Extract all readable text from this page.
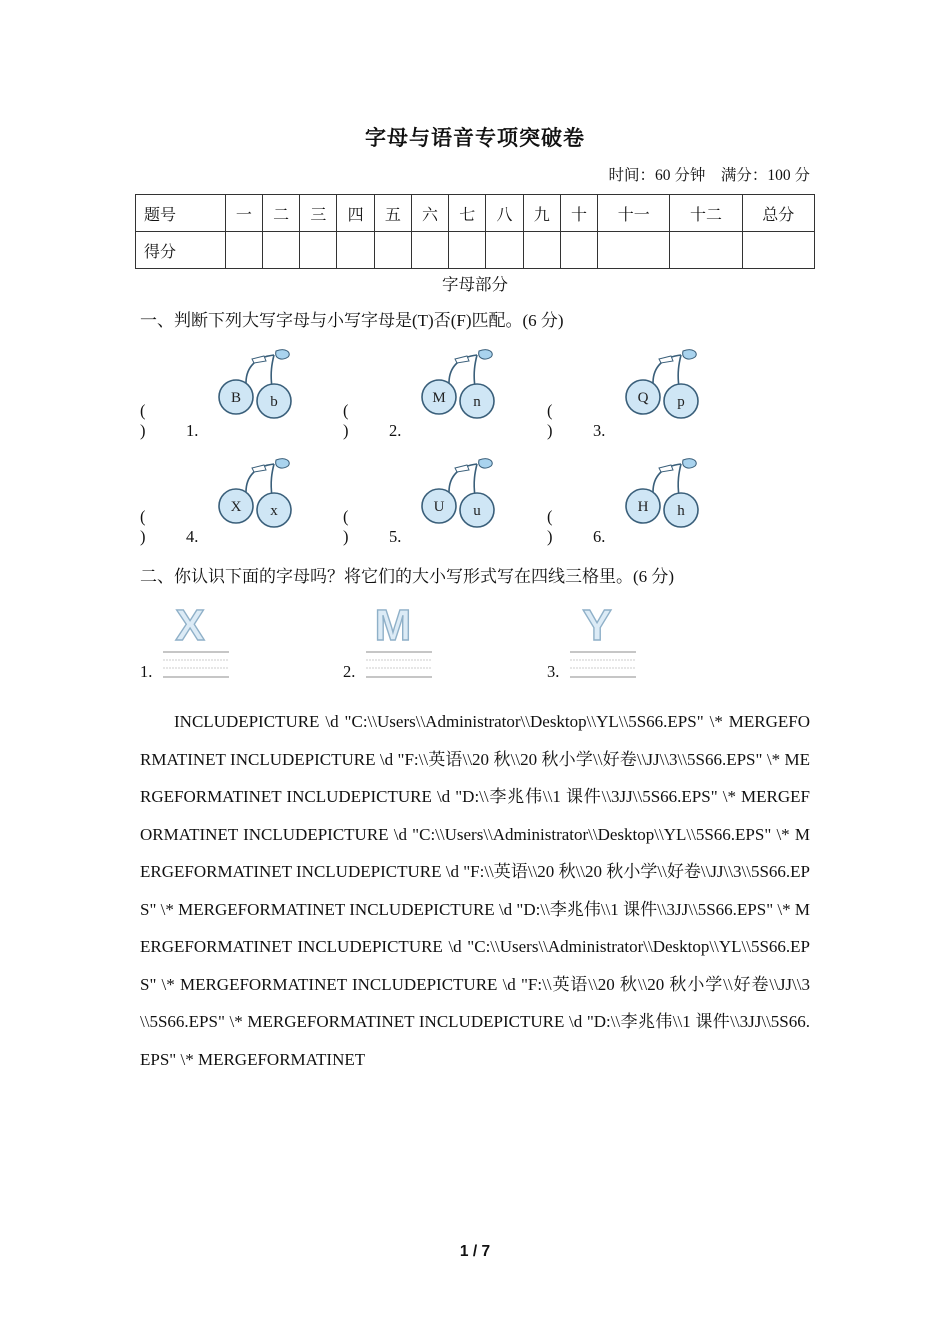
字母与语音专项突破卷
时间：60 分钟　满分：100 分
题号	一	二	三	四	五	六	七	八	九	十	十一	十二	总分
得分													
字母部分
一、判断下列大写字母与小写字母是(T)否(F)匹配。(6 分)
() 1.
B b	() 2.
M n	() 3.
Q p
() 4.
X x	() 5.
U u	() 6.
H h
二、你认识下面的字母吗？将它们的大小写形式写在四线三格里。(6 分)
1.
X
2.
M
3.
Y
INCLUDEPICTURE \d "C:\\Users\\Administrator\\Desktop\\YL\\5S66.EPS" \* MERGEFORMATINET INCLUDEPICTURE \d "F:\\英语\\20 秋\\20 秋小学\\好卷\\JJ\\3\\5S66.EPS" \* MERGEFORMATINET INCLUDEPICTURE \d "D:\\李兆伟\\1 课件\\3JJ\\5S66.EPS" \* MERGEFORMATINET INCLUDEPICTURE \d "C:\\Users\\Administrator\\Desktop\\YL\\5S66.EPS" \* MERGEFORMATINET INCLUDEPICTURE \d "F:\\英语\\20 秋\\20 秋小学\\好卷\\JJ\\3\\5S66.EPS" \* MERGEFORMATINET INCLUDEPICTURE \d "D:\\李兆伟\\1 课件\\3JJ\\5S66.EPS" \* MERGEFORMATINET INCLUDEPICTURE \d "C:\\Users\\Administrator\\Desktop\\YL\\5S66.EPS" \* MERGEFORMATINET INCLUDEPICTURE \d "F:\\英语\\20 秋\\20 秋小学\\好卷\\JJ\\3\\5S66.EPS" \* MERGEFORMATINET INCLUDEPICTURE \d "D:\\李兆伟\\1 课件\\3JJ\\5S66.EPS" \* MERGEFORMATINET
1 / 7
